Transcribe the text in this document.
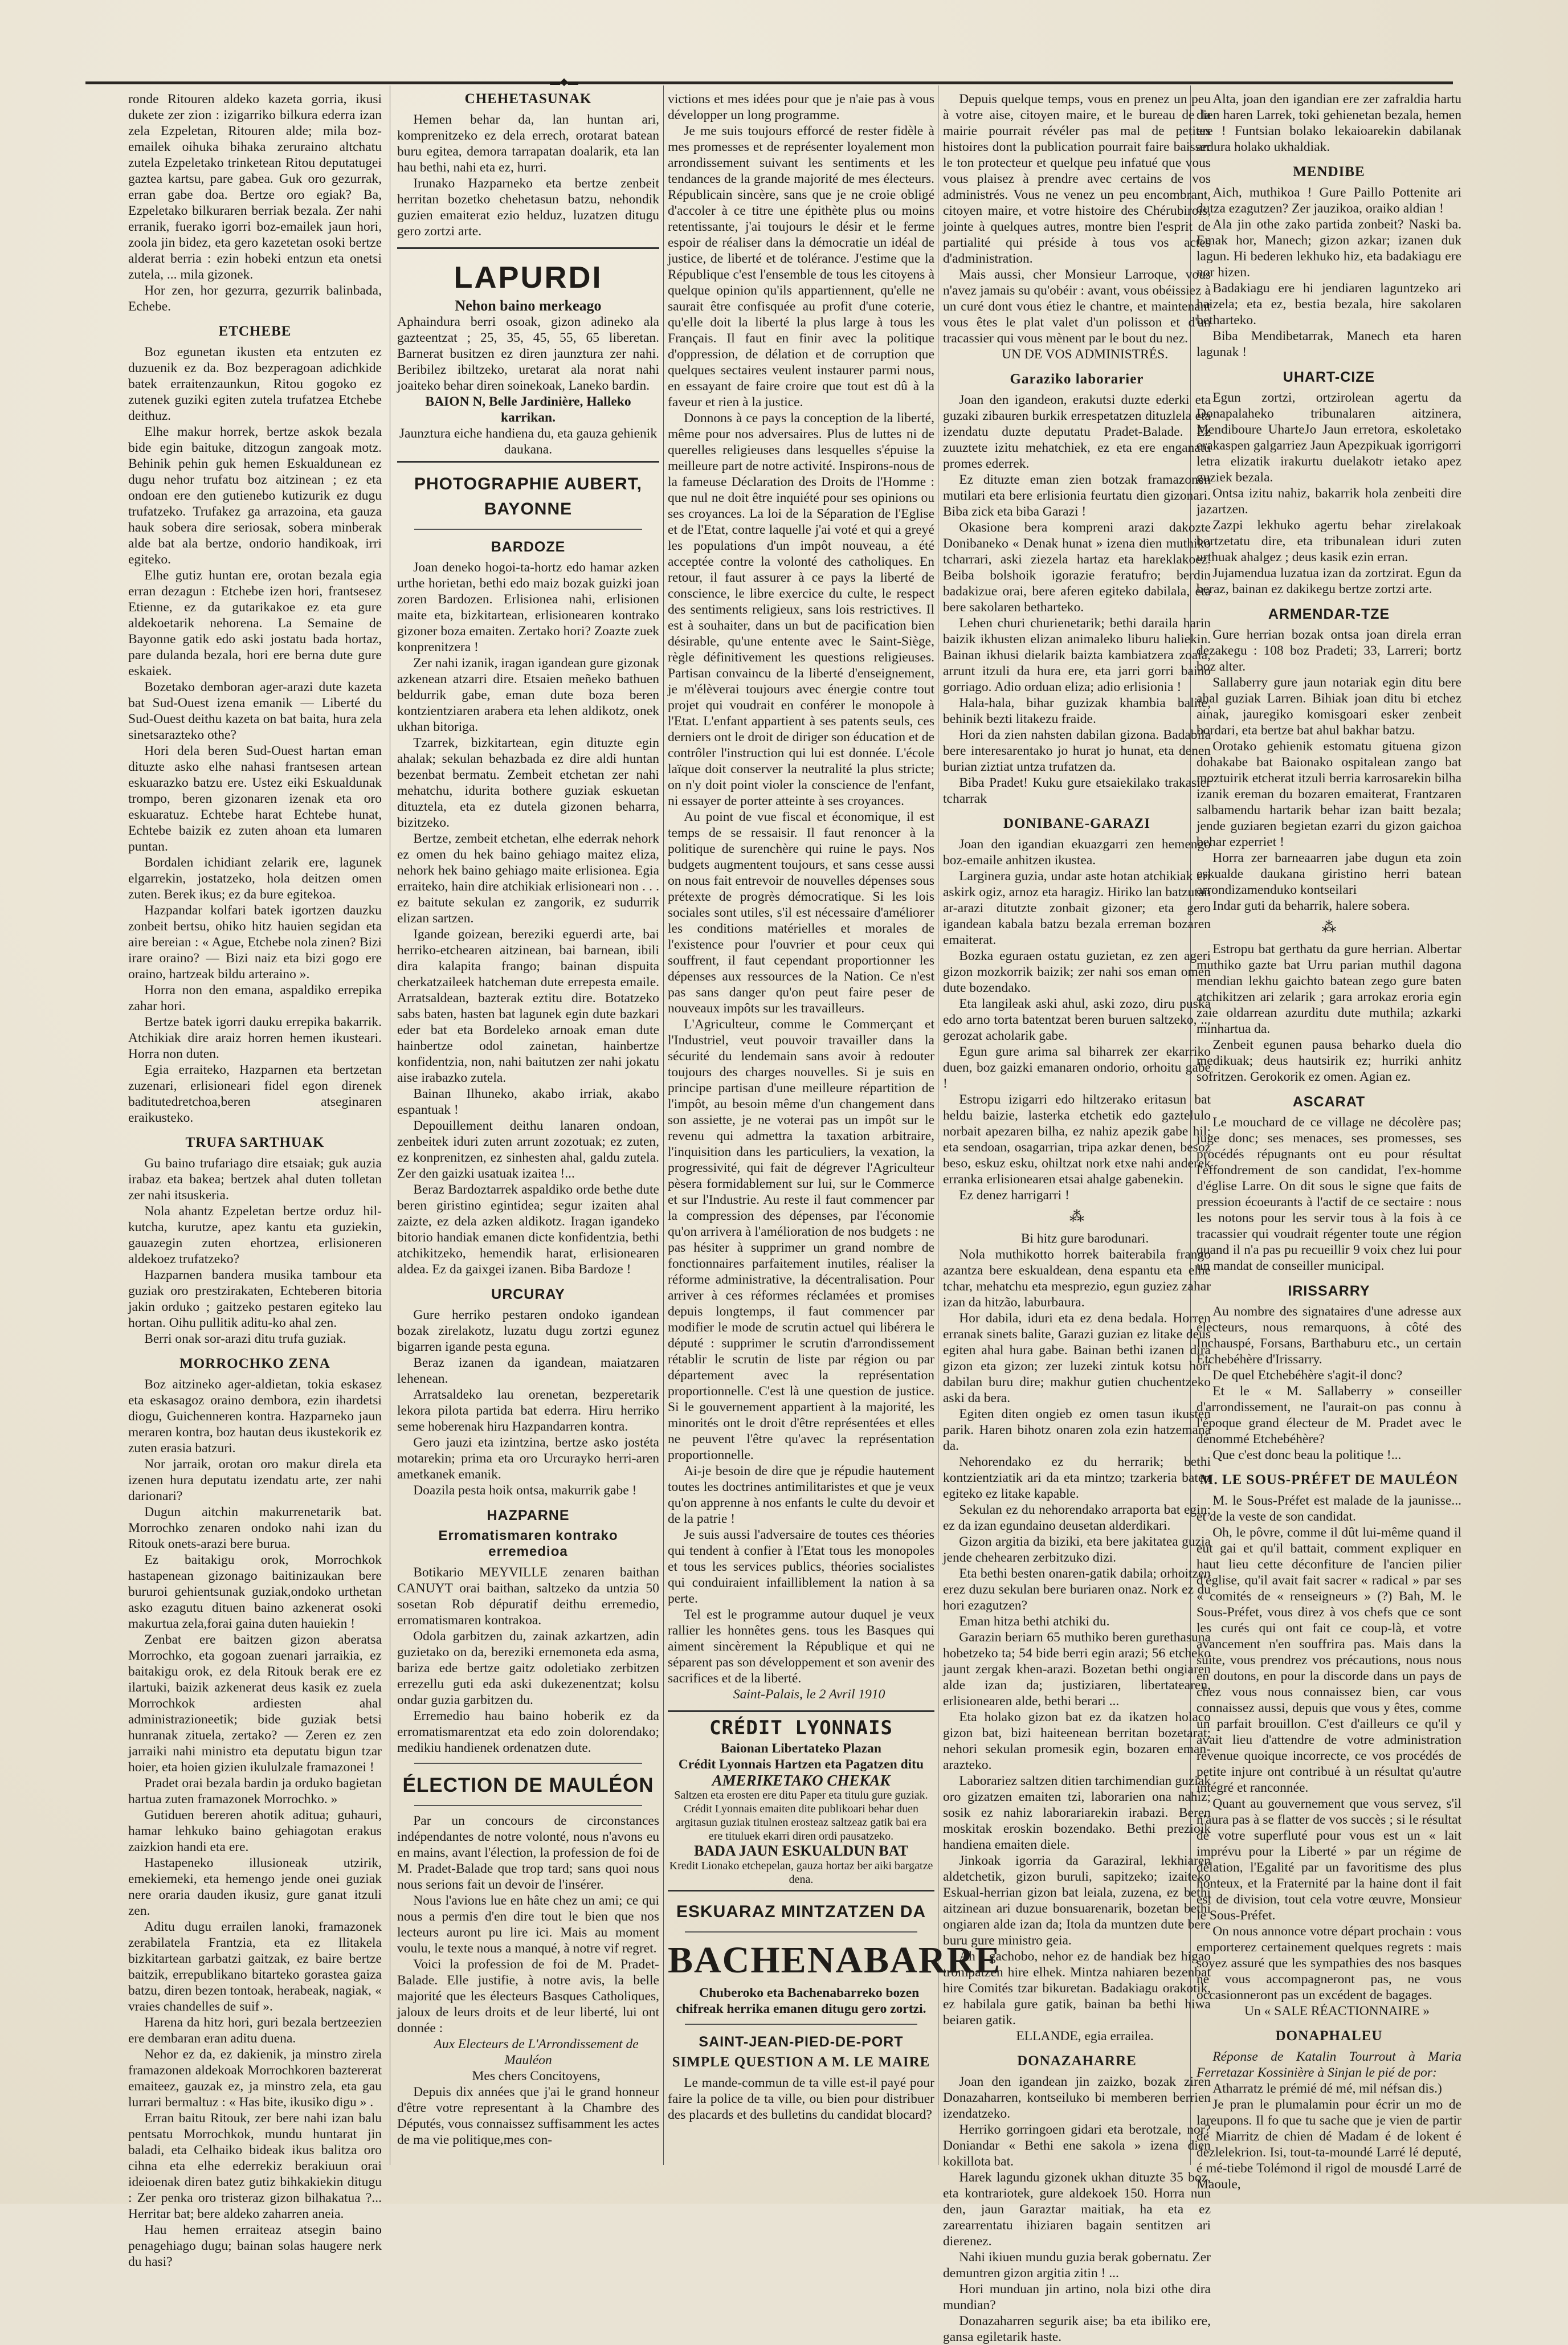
▬◆▬

ronde Ritouren aldeko kazeta gorria, ikusi dukete zer zion : izigarriko bilkura ederra izan zela Ezpeletan, Ritouren alde; mila boz-emailek oihuka bihaka zeruraino altchatu zutela Ezpeletako trinketean Ritou deputatugei gaztea kartsu, pare gabea. Guk oro gezurrak, erran gabe doa. Bertze oro egiak? Ba, Ezpeletako bilkuraren berriak bezala. Zer nahi erranik, fuerako igorri boz-emailek jaun hori, zoola jin bidez, eta gero kazetetan osoki bertze alderat berria : ezin hobeki entzun eta onetsi zutela, ... mila gizonek.

Hor zen, hor gezurra, gezurrik balinbada, Echebe.

ETCHEBE

Boz egunetan ikusten eta entzuten ez duzuenik ez da. Boz bezperagoan adichkide batek erraitenzaunkun, Ritou gogoko ez zutenek guziki egiten zutela trufatzea Etchebe deithuz.

Elhe makur horrek, bertze askok bezala bide egin baituke, ditzogun zangoak motz. Behinik pehin guk hemen Eskualdunean ez dugu nehor trufatu boz aitzinean ; ez eta ondoan ere den gutienebo kutizurik ez dugu trufatzeko. Trufakez ga arrazoina, eta gauza hauk sobera dire seriosak, sobera minberak alde bat ala bertze, ondorio handikoak, irri egiteko.

Elhe gutiz huntan ere, orotan bezala egia erran dezagun : Etchebe izen hori, frantsesez Etienne, ez da gutarikakoe ez eta gure aldekoetarik nehorena. La Semaine de Bayonne gatik edo aski jostatu bada hortaz, pare dulanda bezala, hori ere berna dute gure eskaiek.

Bozetako demboran ager-arazi dute kazeta bat Sud-Ouest izena emanik — Liberté du Sud-Ouest deithu kazeta on bat baita, hura zela sinetsarazteko othe?

Hori dela beren Sud-Ouest hartan eman dituzte asko elhe nahasi frantsesen artean eskuarazko batzu ere. Ustez eiki Eskualdunak trompo, beren gizonaren izenak eta oro eskuaratuz. Echtebe harat Echtebe hunat, Echtebe baizik ez zuten ahoan eta lumaren puntan.

Bordalen ichidiant zelarik ere, lagunek elgarrekin, jostatzeko, hola deitzen omen zuten. Berek ikus; ez da bure egitekoa.

Hazpandar kolfari batek igortzen dauzku zonbeit bertsu, ohiko hitz hauien segidan eta aire bereian : « Ague, Etchebe nola zinen? Bizi irare oraino? — Bizi naiz eta bizi gogo ere oraino, hartzeak bildu arteraino ».

Horra non den emana, aspaldiko errepika zahar hori.

Bertze batek igorri dauku errepika bakarrik. Atchikiak dire araiz horren hemen ikusteari. Horra non duten.

Egia erraiteko, Hazparnen eta bertzetan zuzenari, erlisioneari fidel egon direnek baditutedretchoa,beren atseginaren eraikusteko.

TRUFA SARTHUAK

Gu baino trufariago dire etsaiak; guk auzia irabaz eta bakea; bertzek ahal duten tolletan zer nahi itsuskeria.

Nola ahantz Ezpeletan bertze orduz hil-kutcha, kurutze, apez kantu eta guziekin, gauazegin zuten ehortzea, erlisioneren aldekoez trufatzeko?

Hazparnen bandera musika tambour eta guziak oro prestzirakaten, Echteberen bitoria jakin orduko ; gaitzeko pestaren egiteko lau hortan. Oihu pullitik aditu-ko ahal zen.

Berri onak sor-arazi ditu trufa guziak.

MORROCHKO ZENA

Boz aitzineko ager-aldietan, tokia eskasez eta eskasagoz oraino dembora, ezin ihardetsi diogu, Guichenneren kontra. Hazparneko jaun meraren kontra, boz hautan deus ikustekorik ez zuten erasia batzuri.

Nor jarraik, orotan oro makur direla eta izenen hura deputatu izendatu arte, zer nahi darionari?

Dugun aitchin makurrenetarik bat. Morrochko zenaren ondoko nahi izan du Ritouk onets-arazi bere burua.

Ez baitakigu orok, Morrochkok hastapenean gizonago baitinizaukan bere bururoi gehientsunak guziak,ondoko urthetan asko ezagutu dituen baino azkenerat osoki makurtua zela,forai gaina duten hauiekin !

Zenbat ere baitzen gizon aberatsa Morrochko, eta gogoan zuenari jarraikia, ez baitakigu orok, ez dela Ritouk berak ere ez ilartuki, baizik azkenerat deus kasik ez zuela Morrochkok ardiesten ahal administrazioneetik; bide guziak betsi hunranak zituela, zertako? — Zeren ez zen jarraiki nahi ministro eta deputatu bigun tzar hoier, eta hoien gizien ikululzale framazonei !

Pradet orai bezala bardin ja orduko bagietan hartua zuten framazonek Morrochko. »

Gutiduen bereren ahotik aditua; guhauri, hamar lehkuko baino gehiagotan erakus zaizkion handi eta ere.

Hastapeneko illusioneak utzirik, emekiemeki, eta hemengo jende onei guziak nere oraria dauden ikusiz, gure ganat itzuli zen.

Aditu dugu errailen lanoki, framazonek zerabilatela Frantzia, eta ez llitakela bizkitartean garbatzi gaitzak, ez baire bertze baitzik, errepublikano bitarteko gorastea gaiza batzu, diren bezen tontoak, herabeak, nagiak, « vraies chandelles de suif ».

Harena da hitz hori, guri bezala bertzeezien ere dembaran eran aditu duena.

Nehor ez da, ez dakienik, ja minstro zirela framazonen aldekoak Morrochkoren baztererat emaiteez, gauzak ez, ja minstro zela, eta gau lurrari bermaltuz : « Has bite, ikusiko digu » .

Erran baitu Ritouk, zer bere nahi izan balu pentsatu Morrochkok, mundu huntarat jin baladi, eta Celhaiko bideak ikus balitza oro cihna eta elhe ederrekiz berakiuun orai ideioenak diren batez gutiz bihkakiekin ditugu : Zer penka oro tristeraz gizon bilhakatua ?... Herritar bat; bere aldeko zaharren aneia.

Hau hemen erraiteaz atsegin baino penagehiago dugu; bainan solas haugere nerk du hasi?

CHEHETASUNAK

Hemen behar da, lan huntan ari, komprenitzeko ez dela errech, orotarat batean buru egitea, demora tarrapatan doalarik, eta lan hau bethi, nahi eta ez, hurri.

Irunako Hazparneko eta bertze zenbeit herritan bozetko chehetasun batzu, nehondik guzien emaiterat ezio helduz, luzatzen ditugu gero zortzi arte.

LAPURDI

Nehon baino merkeago

Aphaindura berri osoak, gizon adineko ala gazteentzat ; 25, 35, 45, 55, 65 liberetan. Barnerat busitzen ez diren jaunztura zer nahi. Beribilez ibiltzeko, uretarat ala norat nahi joaiteko behar diren soinekoak, Laneko bardin.

BAION N, Belle Jardinière, Halleko karrikan.

Jaunztura eiche handiena du, eta gauza gehienik daukana.

PHOTOGRAPHIE AUBERT, BAYONNE
BARDOZE

Joan deneko hogoi-ta-hortz edo hamar azken urthe horietan, bethi edo maiz bozak guizki joan zoren Bardozen. Erlisionea nahi, erlisionen maite eta, bizkitartean, erlisionearen kontrako gizoner boza emaiten. Zertako hori? Zoazte zuek konprenitzera !

Zer nahi izanik, iragan igandean gure gizonak azkenean atzarri dire. Etsaien meñeko bathuen beldurrik gabe, eman dute boza beren kontzientziaren arabera eta lehen aldikotz, onek ukhan bitoriga.

Tzarrek, bizkitartean, egin dituzte egin ahalak; sekulan behazbada ez dire aldi huntan bezenbat bermatu. Zembeit etchetan zer nahi mehatchu, idurita bothere guziak eskuetan dituztela, eta ez dutela gizonen beharra, bizitzeko.

Bertze, zembeit etchetan, elhe ederrak nehork ez omen du hek baino gehiago maitez eliza, nehork hek baino gehiago maite erlisionea. Egia erraiteko, hain dire atchikiak erlisioneari non . . . ez baitute sekulan ez zangorik, ez sudurrik elizan sartzen.

Igande goizean, bereziki eguerdi arte, bai herriko-etchearen aitzinean, bai barnean, ibili dira kalapita frango; bainan dispuita cherkatzaileek hatcheman dute errepesta emaile. Arratsaldean, bazterak eztitu dire. Botatzeko sabs baten, hasten bat lagunek egin dute bazkari eder bat eta Bordeleko arnoak eman dute hainbertze odol zainetan, hainbertze konfidentzia, non, nahi baitutzen zer nahi jokatu aise irabazko zutela.

Bainan Ilhuneko, akabo irriak, akabo espantuak !

Depouillement deithu lanaren ondoan, zenbeitek iduri zuten arrunt zozotuak; ez zuten, ez konprenitzen, ez sinhesten ahal, galdu zutela. Zer den gaizki usatuak izaitea !...

Beraz Bardoztarrek aspaldiko orde bethe dute beren giristino egintidea; segur izaiten ahal zaizte, ez dela azken aldikotz. Iragan igandeko bitorio handiak emanen dicte konfidentzia, bethi atchikitzeko, hemendik harat, erlisionearen aldea. Ez da gaixgei izanen. Biba Bardoze !

URCURAY

Gure herriko pestaren ondoko igandean bozak zirelakotz, luzatu dugu zortzi egunez bigarren igande pesta eguna.

Beraz izanen da igandean, maiatzaren lehenean.

Arratsaldeko lau orenetan, bezperetarik lekora pilota partida bat ederra. Hiru herriko seme hoberenak hiru Hazpandarren kontra.

Gero jauzi eta izintzina, bertze asko jostéta motarekin; prima eta oro Urcurayko herri-aren ametkanek emanik.

Doazila pesta hoik ontsa, makurrik gabe !

HAZPARNE
Erromatismaren kontrako erremedioa

Botikario MEYVILLE zenaren baithan CANUYT orai baithan, saltzeko da untzia 50 sosetan Rob dépuratif deithu erremedio, erromatismaren kontrakoa.

Odola garbitzen du, zainak azkartzen, adin guzietako on da, bereziki ernemoneta eda asma, bariza ede bertze gaitz odoletiako zerbitzen errezellu guti eda aski dukezenentzat; kolsu ondar guzia garbitzen du.

Erremedio hau baino hoberik ez da erromatismarentzat eta edo zoin dolorendako; medikiu handienek ordenatzen dute.

ÉLECTION DE MAULÉON

Par un concours de circonstances indépendantes de notre volonté, nous n'avons eu en mains, avant l'élection, la profession de foi de M. Pradet-Balade que trop tard; sans quoi nous nous serions fait un devoir de l'insérer.

Nous l'avions lue en hâte chez un ami; ce qui nous a permis d'en dire tout le bien que nos lecteurs auront pu lire ici. Mais au moment voulu, le texte nous a manqué, à notre vif regret.

Voici la profession de foi de M. Pradet-Balade. Elle justifie, à notre avis, la belle majorité que les électeurs Basques Catholiques, jaloux de leurs droits et de leur liberté, lui ont donnée :

Aux Electeurs de L'Arrondissement de Mauléon

Mes chers Concitoyens,

Depuis dix années que j'ai le grand honneur d'être votre representant à la Chambre des Députés, vous connaissez suffisamment les actes de ma vie politique,mes con-

victions et mes idées pour que je n'aie pas à vous développer un long programme.

Je me suis toujours efforcé de rester fidèle à mes promesses et de représenter loyalement mon arrondissement suivant les sentiments et les tendances de la grande majorité de mes électeurs. Républicain sincère, sans que je ne croie obligé d'accoler à ce titre une épithète plus ou moins retentissante, j'ai toujours le désir et le ferme espoir de réaliser dans la démocratie un idéal de justice, de liberté et de tolérance. J'estime que la République c'est l'ensemble de tous les citoyens à quelque opinion qu'ils appartiennent, qu'elle ne saurait être confisquée au profit d'une coterie, qu'elle doit la liberté la plus large à tous les Français. Il faut en finir avec la politique d'oppression, de délation et de corruption que quelques sectaires veulent instaurer parmi nous, en essayant de faire croire que tout est dû à la faveur et rien à la justice.

Donnons à ce pays la conception de la liberté, même pour nos adversaires. Plus de luttes ni de querelles religieuses dans lesquelles s'épuise la meilleure part de notre activité. Inspirons-nous de la fameuse Déclaration des Droits de l'Homme : que nul ne doit être inquiété pour ses opinions ou ses croyances. La loi de la Séparation de l'Eglise et de l'Etat, contre laquelle j'ai voté et qui a greyé les populations d'un impôt nouveau, a été acceptée contre la volonté des catholiques. En retour, il faut assurer à ce pays la liberté de conscience, le libre exercice du culte, le respect des sentiments religieux, sans lois restrictives. Il est à souhaiter, dans un but de pacification bien désirable, qu'une entente avec le Saint-Siège, règle définitivement les questions religieuses. Partisan convaincu de la liberté d'enseignement, je m'élèverai toujours avec énergie contre tout projet qui voudrait en conférer le monopole à l'Etat. L'enfant appartient à ses patents seuls, ces derniers ont le droit de diriger son éducation et de contrôler l'instruction qui lui est donnée. L'école laïque doit conserver la neutralité la plus stricte; on n'y doit point violer la conscience de l'enfant, ni essayer de porter atteinte à ses croyances.

Au point de vue fiscal et économique, il est temps de se ressaisir. Il faut renoncer à la politique de surenchère qui ruine le pays. Nos budgets augmentent toujours, et sans cesse aussi on nous fait entrevoir de nouvelles dépenses sous prétexte de progrès démocratique. Si les lois sociales sont utiles, s'il est nécessaire d'améliorer les conditions matérielles et morales de l'existence pour l'ouvrier et pour ceux qui souffrent, il faut cependant proportionner les dépenses aux ressources de la Nation. Ce n'est pas sans danger qu'on peut faire peser de nouveaux impôts sur les travailleurs.

L'Agriculteur, comme le Commerçant et l'Industriel, veut pouvoir travailler dans la sécurité du lendemain sans avoir à redouter toujours des charges nouvelles. Si je suis en principe partisan d'une meilleure répartition de l'impôt, au besoin même d'un changement dans son assiette, je ne voterai pas un impôt sur le revenu qui admettra la taxation arbitraire, l'inquisition dans les particuliers, la vexation, la progressivité, qui fait de dégrever l'Agriculteur pèsera formidablement sur lui, sur le Commerce et sur l'Industrie. Au reste il faut commencer par la compression des dépenses, par l'économie qu'on arrivera à l'amélioration de nos budgets : ne pas hésiter à supprimer un grand nombre de fonctionnaires parfaitement inutiles, réaliser la réforme administrative, la décentralisation. Pour arriver à ces réformes réclamées et promises depuis longtemps, il faut commencer par modifier le mode de scrutin actuel qui libérera le député : supprimer le scrutin d'arrondissement rétablir le scrutin de liste par région ou par département avec la représentation proportionnelle. C'est là une question de justice. Si le gouvernement appartient à la majorité, les minorités ont le droit d'être représentées et elles ne peuvent l'être qu'avec la représentation proportionnelle.

Ai-je besoin de dire que je répudie hautement toutes les doctrines antimilitaristes et que je veux qu'on apprenne à nos enfants le culte du devoir et de la patrie !

Je suis aussi l'adversaire de toutes ces théories qui tendent à confier à l'Etat tous les monopoles et tous les services publics, théories socialistes qui conduiraient infailliblement la nation à sa perte.

Tel est le programme autour duquel je veux rallier les honnêtes gens. tous les Basques qui aiment sincèrement la République et qui ne séparent pas son développement et son avenir des sacrifices et de la liberté.

Saint-Palais, le 2 Avril 1910

CRÉDIT LYONNAIS

Baionan Libertateko Plazan

Crédit Lyonnais Hartzen eta Pagatzen ditu

AMERIKETAKO CHEKAK

Saltzen eta erosten ere ditu Paper eta titulu gure guziak.

Crédit Lyonnais emaiten dite publikoari behar duen argitasun guziak titulnen erosteaz saltzeaz gatik bai era ere tituluek ekarri diren ordi pausatzeko.

BADA JAUN ESKUALDUN BAT

Kredit Lionako etchepelan, gauza hortaz ber aiki bargatze dena.

ESKUARAZ MINTZATZEN DA
BACHENABARRE

Chuberoko eta Bachenabarreko bozen chifreak herrika emanen ditugu gero zortzi.

SAINT-JEAN-PIED-DE-PORT
SIMPLE QUESTION A M. LE MAIRE

Le mande-commun de ta ville est-il payé pour faire la police de ta ville, ou bien pour distribuer des placards et des bulletins du candidat blocard?

Depuis quelque temps, vous en prenez un peu à votre aise, citoyen maire, et le bureau de la mairie pourrait révéler pas mal de petites histoires dont la publication pourrait faire baisser le ton protecteur et quelque peu infatué que vous vous plaisez à prendre avec certains de vos administrés. Vous ne venez un peu encombrant, citoyen maire, et votre histoire des Chérubirois, jointe à quelques autres, montre bien l'esprit de partialité qui préside à tous vos actes d'administration.

Mais aussi, cher Monsieur Larroque, vous n'avez jamais su qu'obéir : avant, vous obéissiez à un curé dont vous étiez le chantre, et maintenant vous êtes le plat valet d'un polisson et d'un tracassier qui vous mènent par le bout du nez.

UN DE VOS ADMINISTRÉS.

Garaziko laborarier

Joan den igandeon, erakutsi duzte ederki eta guzaki zibauren burkik errespetatzen dituzlela eta izendatu duzte deputatu Pradet-Balade. Ez zuuztete izitu mehatchiek, ez eta ere enganatu promes ederrek.

Ez dituzte eman zien botzak framazonen mutilari eta bere erlisionia feurtatu dien gizonari. Biba zick eta biba Garazi !

Okasione bera kompreni arazi dakozte Donibaneko « Denak hunat » izena dien muthiko tcharrari, aski ziezela hartaz eta hareklakoez. Beiba bolshoik igorazie feratufro; berdin badakizue orai, bere aferen egiteko dabilala, eta bere sakolaren betharteko.

Lehen churi churienetarik; bethi daraila harin baizik ikhusten elizan animaleko liburu haliekin. Bainan ikhusi dielarik baizta kambiatzera zoala, arrunt itzuli da hura ere, eta jarri gorri baino gorriago. Adio orduan elizа; adio erlisionia !

Hala-hala, bihar guzizak khambia balite, behinik bezti litakezu fraide.

Hori da zien nahsten dabilan gizona. Badabila bere interesarentako jo hurat jo hunat, eta denen burian ziztiat untza trufatzen da.

Biba Pradet! Kuku gure etsaiekilako trakasier tcharrak

DONIBANE-GARAZI

Joan den igandian ekuazgarri zen hemengo boz-emaile anhitzen ikustea.

Larginera guzia, undar aste hotan atchikiak eri askirk ogiz, arnoz eta haragiz. Hiriko lan batzutan ar-arazi ditutzte zonbait gizoner; eta gero igandean kabala batzu bezala erreman bozaren emaiterat.

Bozka eguraen ostatu guzietan, ez zen ageri gizon mozkorrik baizik; zer nahi sos eman omen dute bozendako.

Eta langileak aski ahul, aski zozo, diru puska edo arno torta batentzat beren buruen saltzeko, ... gerozat acholarik gabe.

Egun gure arima sal biharrek zer ekarriko duen, boz gaizki emanaren ondorio, orhoitu gabe !

Estropu izigarri edo hiltzerako eritasun bat heldu baizie, lasterka etchetik edo gaztelulo norbait apezaren bilha, ez nahiz apezik gabe hil; eta sendoan, osagarrian, tripa azkar denen, besoz beso, eskuz esku, ohiltzat nork etxe nahi anderek erranka erlisionearen etsai ahalge gabenekin.

Ez denez harrigarri !

⁂

Bi hitz gure barodunari.

Nola muthikotto horrek baiterabila frango azantza bere eskualdean, dena espantu eta elhe tchar, mehatchu eta mesprezio, egun guziez zahar izan da hitzão, laburbaura.

Hor dabila, iduri eta ez dena bedala. Horren erranak sinets balite, Garazi guzian ez litake deus egiten ahal hura gabe. Bainan bethi izanen dira gizon eta gizon; zer luzeki zintuk kotsu hori dabilan buru dire; makhur gutien chuchentzeko aski da bera.

Egiten diten ongieb ez omen tasun ikusten parik. Haren bihotz onaren zola ezin hatzemana da.

Nehorendako ez du herrarik; bethi kontzientziatik ari da eta mintzo; tzarkeria baten egiteko ez litake kapable.

Sekulan ez du nehorendako arraporta bat egin; ez da izan egundaino deusetan alderdikari.

Gizon argitia da biziki, eta bere jakitatea guzia jende chehearen zerbitzuko dizi.

Eta bethi besten onaren-gatik dabila; orhoitzen erez duzu sekulan bere buriaren onaz. Nork ez du hori ezagutzen?

Eman hitza bethi atchiki du.

Garazin beriarn 65 muthiko beren gurethasuna hobetzeko ta; 54 bide berri egin arazi; 56 etcheko jaunt zergak khen-arazi. Bozetan bethi ongiaren alde izan da; justiziaren, libertatearen, erlisionearen alde, bethi berari ...

Eta holako gizon bat ez da ikatzen holaco gizon bat, bizi haiteenean berritan bozetarat; nehori sekulan promesik egin, bozaren eman-arazteko.

Laborariez saltzen ditien tarchimendian guziak oro gizatzen emaiten tzi, laborarien ona nahiz; sosik ez nahiz laborariarekin irabazi. Beren moskitak eroskin bozendako. Bethi prezioik handiena emaiten diele.

Jinkoak igorria da Garaziral, lekhiaren aldetchetik, gizon buruli, sapitzeko; izaiteko Eskual-herrian gizon bat leiala, zuzena, ez bethi aitzinean ari duzue bonsuarenarik, bozetan bethi ongiaren alde izan da; Itola da muntzen dute bere buru gure ministro geia.

Ah ! gachobo, nehor ez de handiak bez higao trompatzen hire elhek. Mintza nahiaren bezenbat hire Comités tzar bikuretan. Badakiagu orakotik, ez habilala gure gatik, bainan ba bethi hiwa beiaren gatik.

ELLANDE, egia erraileа.

DONAZAHARRE

Joan den igandean jin zaizko, bozak ziren Donazaharren, kontseiluko bi memberen berrien izendatzeko.

Herriko gorringoen gidari eta berotzale, nor? Doniandar « Bethi ene sakola » izena dien kokillota bat.

Harek lagundu gizonek ukhan dituzte 35 boz, eta kontrariotek, gure aldekoek 150. Horra nun den, jaun Garaztar maitiak, ha eta ez zarearrentatu ihiziaren bagain sentitzen ari dierenez.

Nahi ikiuen mundu guzia berak gobernatu. Zer demuntren gizon argitia zitin ! ...

Hori munduan jin artino, nola bizi othe dira mundian?

Donazaharren segurik aise; ba eta ibiliko ere, gansa egiletarik haste.

Alta, joan den igandian ere zer zafraldia hartu dien haren Larrek, toki gehienetan bezala, hemen ere ! Funtsian bolako lekaioarekin dabilanak ardura holako ukhaldiak.

MENDIBE

Aich, muthikoa ! Gure Paillo Pottenite ari dutza ezagutzen? Zer jauzikoa, oraiko aldian !

Ala jin othe zako partida zonbeit? Naski ba. Emak hor, Manech; gizon azkar; izanen duk lagun. Hi bederen lekhuko hiz, eta badakiagu ere nor hizen.

Badakiagu ere hi jendiaren laguntzeko ari haizela; eta ez, bestia bezala, hire sakolaren betharteko.

Biba Mendibetarrak, Manech eta haren lagunak !

UHART-CIZE

Egun zortzi, ortzirolean agertu da Donapalaheko tribunalaren aitzinera, Mendiboure UharteJo Jaun erretora, eskoletako erakaspen galgarriez Jaun Apezpikuak igorrigorri letra elizatik irakurtu duelakotr ietako apez guziek bezala.

Ontsa izitu nahiz, bakarrik hola zenbeiti dire jazartzen.

Zazpi lekhuko agertu behar zirelakoak bortzetatu dire, eta tribunalean iduri zuten urthuak ahalgez ; deus kasik ezin erran.

Jujamendua luzatua izan da zortzirat. Egun da beraz, bainan ez dakikegu bertze zortzi arte.

ARMENDAR-TZE

Gure herrian bozak ontsa joan direla erran dezakegu : 108 boz Pradeti; 33, Larreri; bortz boz alter.

Sallaberry gure jaun notariak egin ditu bere ahal guziak Larren. Bihiak joan ditu bi etchez ainak, jauregiko komisgoari esker zenbeit bordari, eta bertze bat ahul bakhar batzu.

Orotako gehienik estomatu gituena gizon dohakabe bat Baionako ospitalean zango bat moztuirik etcherat itzuli berria karrosarekin bilha izanik ereman du bozaren emaiterat, Frantzaren salbamendu hartarik behar izan baitt bezala; jende guziaren begietan ezarri du gizon gaichoa behar ezperriet !

Horra zer barneaarren jabe dugun eta zoin eskualde daukana giristino herri batean arrondizamendukо kontseilari

Indar guti da beharrik, halere sobera.

⁂

Estropu bat gerthatu da gure herrian. Albertar muthiko gazte bat Urru parian muthil dagona mendian lekhu gaichto batean zego gure baten atchikitzen ari zelarik ; gara arrokaz eroria egin zaie oldarrean azurditu dute muthila; azkarki minhartua da.

Zenbeit egunen pausa beharko duela dio medikuak; deus hautsirik ez; hurriki anhitz sofritzen. Gerokorik ez omen. Agian ez.

ASCARAT

Le mouchard de ce village ne décolère pas; juge donc; ses menaces, ses promesses, ses procédés répugnants ont eu pour résultat l'effondrement de son candidat, l'ex-homme d'église Larre. On dit sous le signe que faits de pression écoeurants à l'actif de ce sectaire : nous les notons pour les servir tous à la fois à ce tracassier qui voudrait régenter toute une région quand il n'a pas pu recueillir 9 voix chez lui pour un mandat de conseiller municipal.

IRISSARRY

Au nombre des signataires d'une adresse aux électeurs, nous remarquons, à côté des Inchauspé, Forsans, Barthaburu etc., un certain Etchebéhère d'Irissarry.

De quel Etchebéhère s'agit-il donc?

Et le « M. Sallaberry » conseiller d'arrondissement, ne l'aurait-on pas connu à l'époque grand électeur de M. Pradet avec le dénommé Etchebéhère?

Que c'est donc beau la politique !...

M. LE SOUS-PRÉFET DE MAULÉON

M. le Sous-Préfet est malade de la jaunisse... et de la veste de son candidat.

Oh, le pôvre, comme il dût lui-même quand il eut gai et qu'il battait, comment expliquer en haut lieu cette déconfiture de l'ancien pilier d'église, qu'il avait fait sacrer « radical » par ses « comités de « renseigneurs » (?) Bah, M. le Sous-Préfet, vous direz à vos chefs que ce sont les curés qui ont fait ce coup-là, et votre avancement n'en souffrira pas. Mais dans la suite, vous prendrez vos précautions, nous nous en doutons, en pour la discorde dans un pays de chez vous nous connaissez bien, car vous connaissez aussi, depuis que vous y êtes, comme un parfait brouillon. C'est d'ailleurs ce qu'il y avait lieu d'attendre de votre administration revenue quoique incorrecte, ce vos procédés de petite injure ont contribué à un résultat qu'autre intégré et ranconnée.

Quant au gouvernement que vous servez, s'il n'aura pas à se flatter de vos succès ; si le résultat de votre superfluté pour vous est un « lait imprévu pour la Liberté » par un régime de délation, l'Egalité par un favoritisme des plus honteux, et la Fraternité par la haine dont il fait est de division, tout cela votre œuvre, Monsieur le Sous-Préfet.

On nous annonce votre départ prochain : vous emporterez certainement quelques regrets : mais soyez assuré que les sympathies des nos basques ne vous accompagneront pas, ne vous occasionneront pas un excédent de bagages.

Un « SALE RÉACTIONNAIRE »

DONAPHALEU

Réponse de Katalin Tourrout à Maria Ferretazar Kossinière à Sinjan le pié de por:

Atharratz le prémié dé mé, mil néfsan dis.)

Je pran le plumalamin pour écrir un mo de lareupons. Il fo que tu sache que je vien de partir de Miarritz de chien dé Madam é de lokent é dezlelekrion. Isi, tout-ta-moundé Larré lé deputé, é mé-tiebe Tolémond il rigol de mousdé Larré de Maoule,
